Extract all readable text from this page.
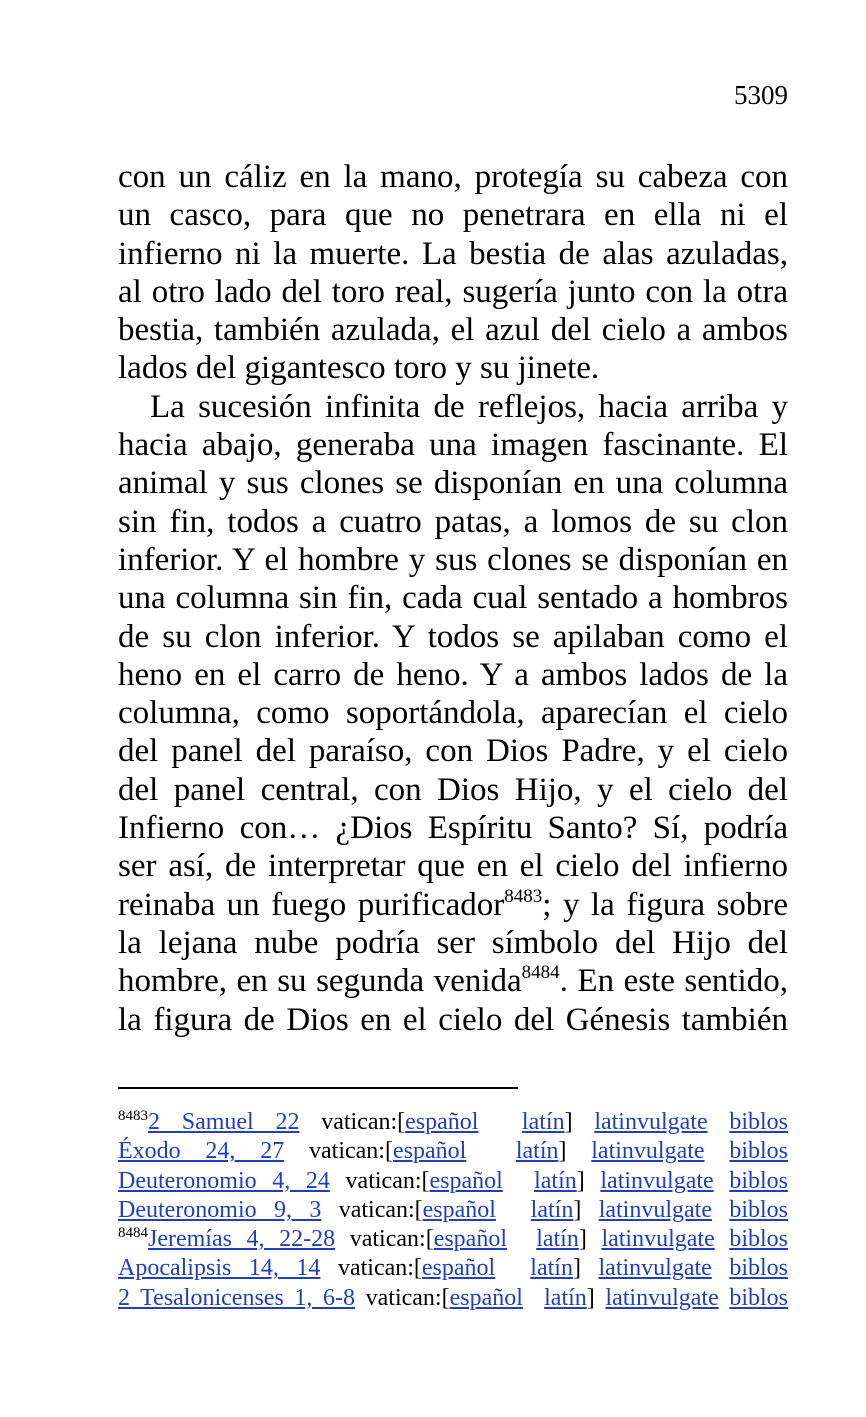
5309
con un cáliz en la mano, protegía su cabeza con
un casco, para que no penetrara en ella ni el
infierno ni la muerte. La bestia de alas azuladas,
al otro lado del toro real, sugería junto con la otra
bestia, también azulada, el azul del cielo a ambos
lados del gigantesco toro y su jinete.
La sucesión infinita de reflejos, hacia arriba y
hacia abajo, generaba una imagen fascinante. El
animal y sus clones se disponían en una columna
sin fin, todos a cuatro patas, a lomos de su clon
inferior. Y el hombre y sus clones se disponían en
una columna sin fin, cada cual sentado a hombros
de su clon inferior. Y todos se apilaban como el
heno en el carro de heno. Y a ambos lados de la
columna, como soportándola, aparecían el cielo
del panel del paraíso, con Dios Padre, y el cielo
del panel central, con Dios Hijo, y el cielo del
Infierno con… ¿Dios Espíritu Santo? Sí, podría
ser así, de interpretar que en el cielo del infierno
reinaba un fuego purificador$^{8483}$; y la figura sobre
la lejana nube podría ser símbolo del Hijo del
hombre, en su segunda venida$^{8484}$. En este sentido,
la figura de Dios en el cielo del Génesis también
$^{8483}$2 Samuel 22 vatican:[español latín] latinvulgate biblos
Éxodo 24, 27 vatican:[español latín] latinvulgate biblos
Deuteronomio 4, 24 vatican:[español latín] latinvulgate biblos
Deuteronomio 9, 3 vatican:[español latín] latinvulgate biblos
$^{8484}$Jeremías 4, 22-28 vatican:[español latín] latinvulgate biblos
Apocalipsis 14, 14 vatican:[español latín] latinvulgate biblos
2 Tesalonicenses 1, 6-8 vatican:[español latín] latinvulgate biblos
